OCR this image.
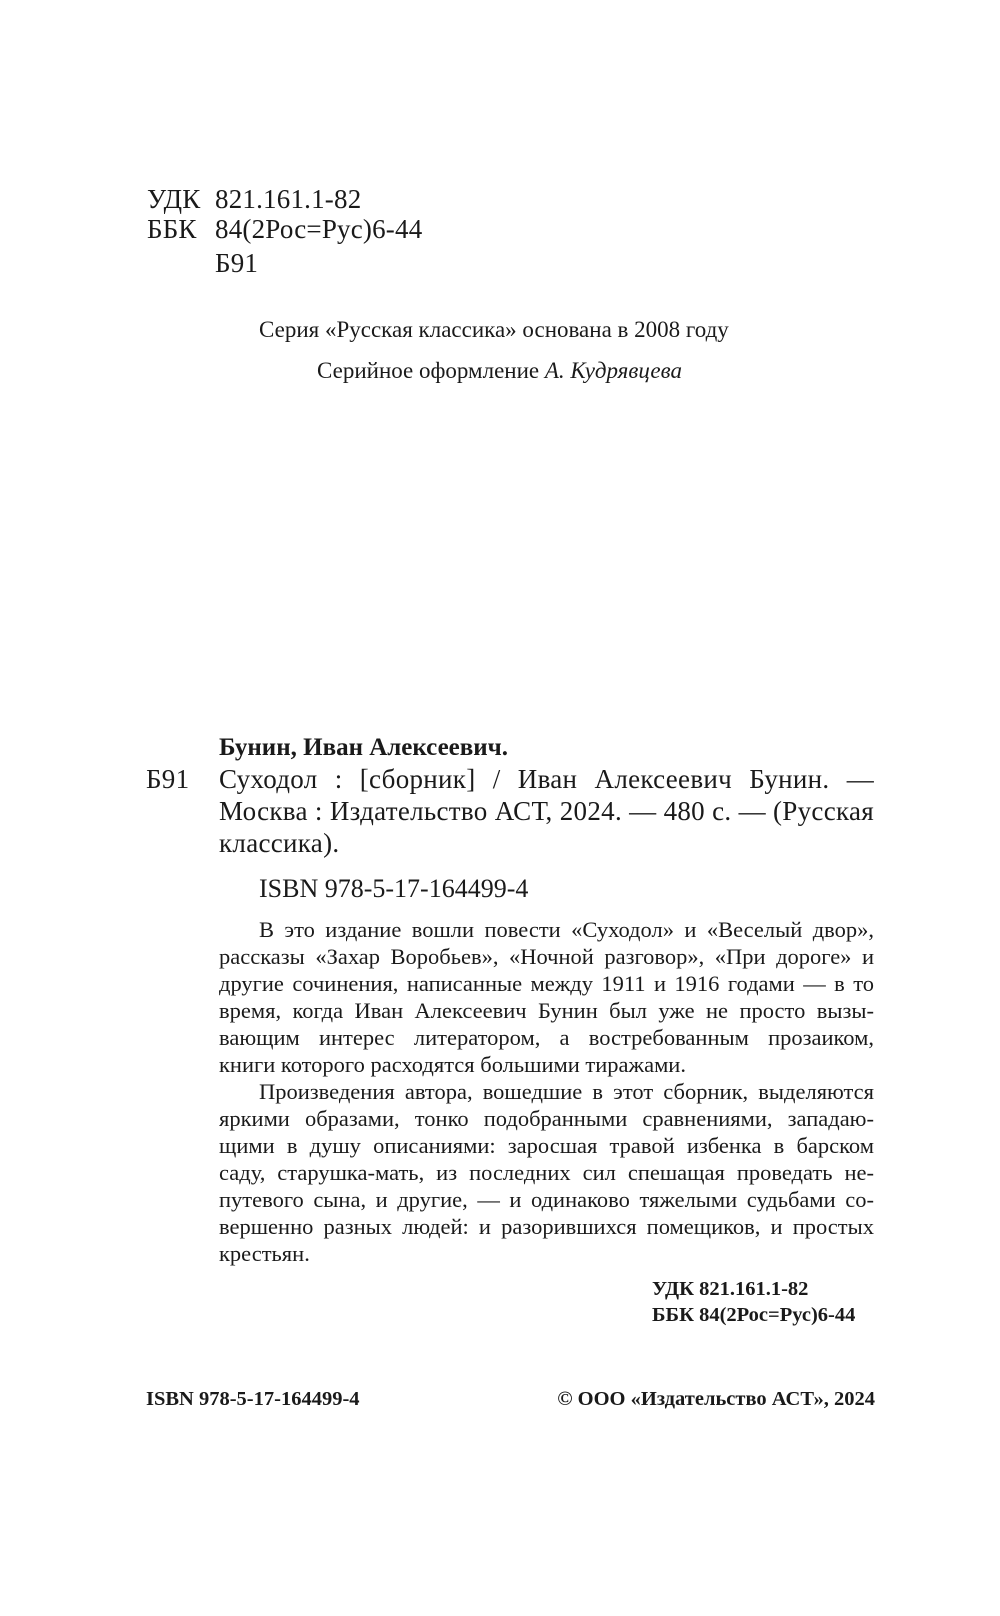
УДК 821.161.1-82
ББК 84(2Рос=Рус)6-44
Б91
Серия «Русская классика» основана в 2008 году
Серийное оформление А. Кудрявцева
Бунин, Иван Алексеевич.
Б91 Суходол : [сборник] / Иван Алексеевич Бунин. —
Москва : Издательство АСТ, 2024. — 480 с. — (Русская
классика).
ISBN 978-5-17-164499-4
В это издание вошли повести «Суходол» и «Веселый двор»,
рассказы «Захар Воробьев», «Ночной разговор», «При дороге» и
другие сочинения, написанные между 1911 и 1916 годами — в то
время, когда Иван Алексеевич Бунин был уже не просто вызы-
вающим интерес литератором, а востребованным прозаиком,
книги которого расходятся большими тиражами.
Произведения автора, вошедшие в этот сборник, выделяются
яркими образами, тонко подобранными сравнениями, западаю-
щими в душу описаниями: заросшая травой избенка в барском
саду, старушка-мать, из последних сил спешащая проведать не-
путевого сына, и другие, — и одинаково тяжелыми судьбами со-
вершенно разных людей: и разорившихся помещиков, и простых
крестьян.
УДК 821.161.1-82
ББК 84(2Рос=Рус)6-44
ISBN 978-5-17-164499-4	© ООО «Издательство АСТ», 2024
